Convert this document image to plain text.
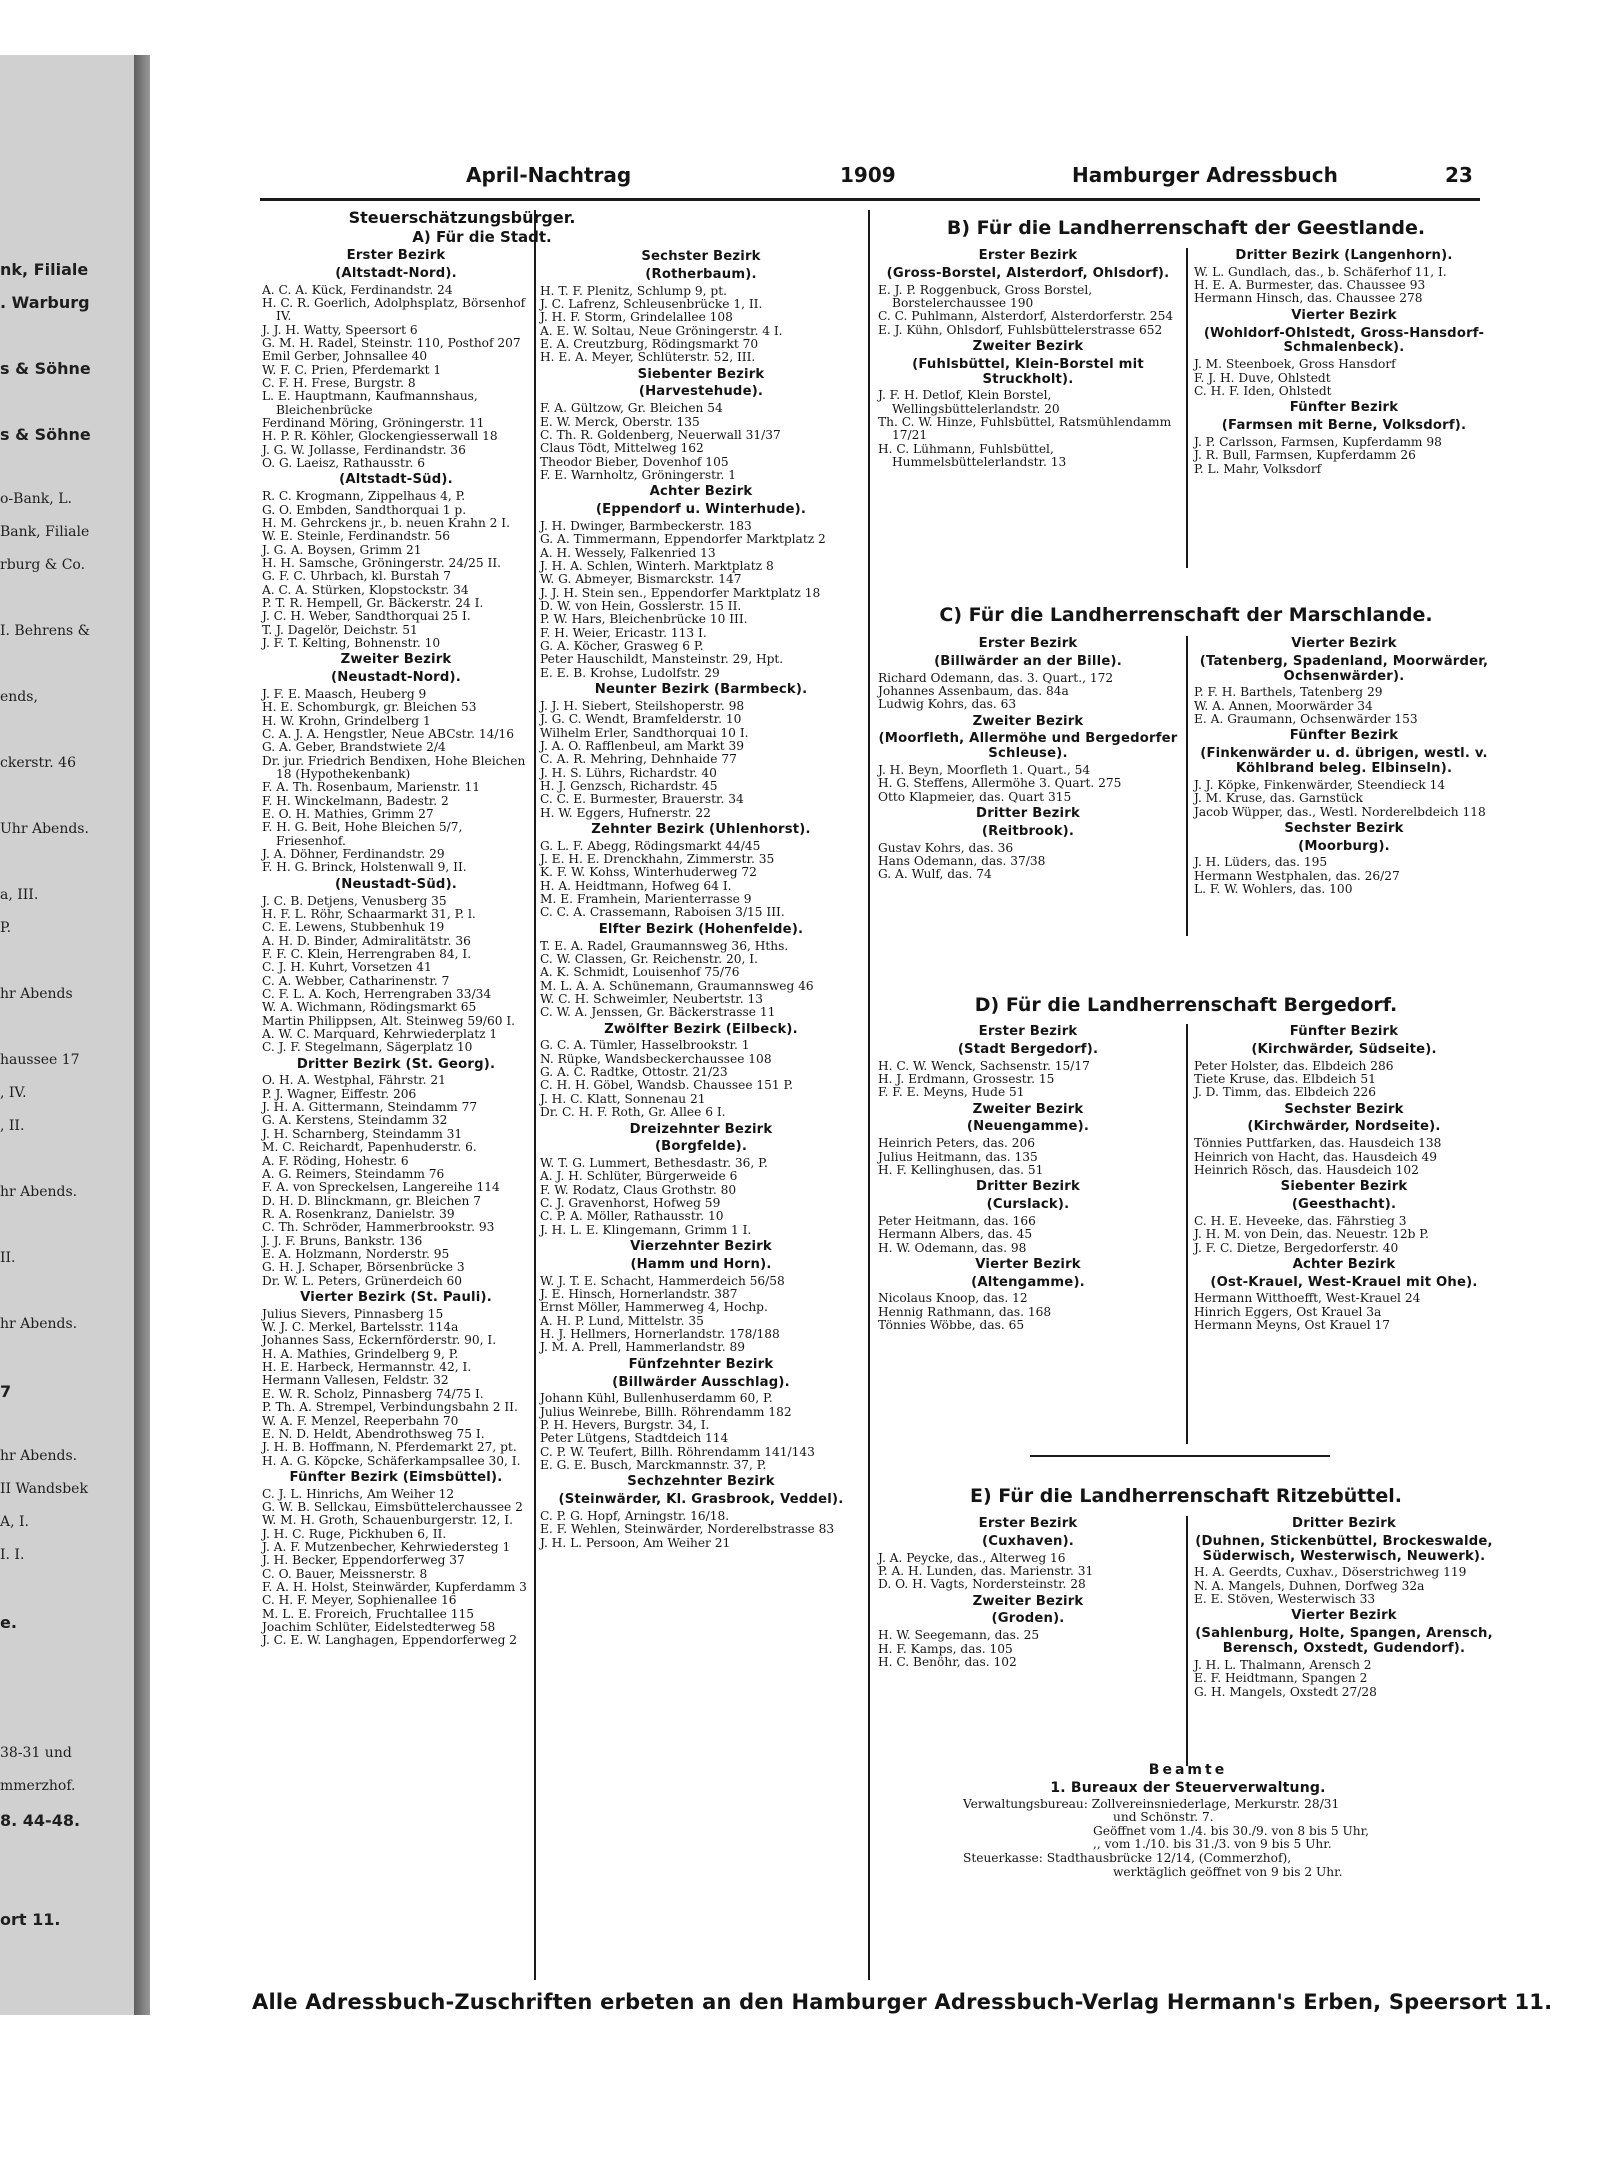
nk, Filiale
. Warburg
s & Söhne
s & Söhne
o-Bank, L.
Bank, Filiale
rburg & Co.
I. Behrens &
ends,
ckerstr. 46
Uhr Abends.
a, III.
P.
hr Abends
haussee 17
, IV.
, II.
hr Abends.
II.
hr Abends.
7
hr Abends.
II Wandsbek
A, I.
I. I.
e.
38-31 und
mmerzhof.
8. 44-48.
ort 11.
April-Nachtrag	1909	Hamburger Adressbuch	23
Steuerschätzungsbürger.
A) Für die Stadt.
Erster Bezirk
(Altstadt-Nord).

A. C. A. Kück, Ferdinandstr. 24

H. C. R. Goerlich, Adolphsplatz, Börsenhof IV.

J. J. H. Watty, Speersort 6

G. M. H. Radel, Steinstr. 110, Posthof 207

Emil Gerber, Johnsallee 40

W. F. C. Prien, Pferdemarkt 1

C. F. H. Frese, Burgstr. 8

L. E. Hauptmann, Kaufmannshaus, Bleichenbrücke

Ferdinand Möring, Gröningerstr. 11

H. P. R. Köhler, Glockengiesserwall 18

J. G. W. Jollasse, Ferdinandstr. 36

O. G. Laeisz, Rathausstr. 6

(Altstadt-Süd).

R. C. Krogmann, Zippelhaus 4, P.

G. O. Embden, Sandthorquai 1 p.

H. M. Gehrckens jr., b. neuen Krahn 2 I.

W. E. Steinle, Ferdinandstr. 56

J. G. A. Boysen, Grimm 21

H. H. Samsche, Gröningerstr. 24/25 II.

G. F. C. Uhrbach, kl. Burstah 7

A. C. A. Stürken, Klopstockstr. 34

P. T. R. Hempell, Gr. Bäckerstr. 24 I.

J. C. H. Weber, Sandthorquai 25 I.

T. J. Dagelör, Deichstr. 51

J. F. T. Kelting, Bohnenstr. 10

Zweiter Bezirk
(Neustadt-Nord).

J. F. E. Maasch, Heuberg 9

H. E. Schomburgk, gr. Bleichen 53

H. W. Krohn, Grindelberg 1

C. A. J. A. Hengstler, Neue ABCstr. 14/16

G. A. Geber, Brandstwiete 2/4

Dr. jur. Friedrich Bendixen, Hohe Bleichen 18 (Hypothekenbank)

F. A. Th. Rosenbaum, Marienstr. 11

F. H. Winckelmann, Badestr. 2

E. O. H. Mathies, Grimm 27

F. H. G. Beit, Hohe Bleichen 5/7, Friesenhof.

J. A. Döhner, Ferdinandstr. 29

F. H. G. Brinck, Holstenwall 9, II.

(Neustadt-Süd).

J. C. B. Detjens, Venusberg 35

H. F. L. Röhr, Schaarmarkt 31, P. l.

C. E. Lewens, Stubbenhuk 19

A. H. D. Binder, Admiralitätstr. 36

F. F. C. Klein, Herrengraben 84, I.

C. J. H. Kuhrt, Vorsetzen 41

C. A. Webber, Catharinenstr. 7

C. F. L. A. Koch, Herrengraben 33/34

W. A. Wichmann, Rödingsmarkt 65

Martin Philippsen, Alt. Steinweg 59/60 I.

A. W. C. Marquard, Kehrwiederplatz 1

C. J. F. Stegelmann, Sägerplatz 10

Dritter Bezirk (St. Georg).

O. H. A. Westphal, Fährstr. 21

P. J. Wagner, Eiffestr. 206

J. H. A. Gittermann, Steindamm 77

G. A. Kerstens, Steindamm 32

J. H. Scharnberg, Steindamm 31

M. C. Reichardt, Papenhuderstr. 6.

A. F. Röding, Hohestr. 6

A. G. Reimers, Steindamm 76

F. A. von Spreckelsen, Langereihe 114

D. H. D. Blinckmann, gr. Bleichen 7

R. A. Rosenkranz, Danielstr. 39

C. Th. Schröder, Hammerbrookstr. 93

J. J. F. Bruns, Bankstr. 136

E. A. Holzmann, Norderstr. 95

G. H. J. Schaper, Börsenbrücke 3

Dr. W. L. Peters, Grünerdeich 60

Vierter Bezirk (St. Pauli).

Julius Sievers, Pinnasberg 15

W. J. C. Merkel, Bartelsstr. 114a

Johannes Sass, Eckernförderstr. 90, I.

H. A. Mathies, Grindelberg 9, P.

H. E. Harbeck, Hermannstr. 42, I.

Hermann Vallesen, Feldstr. 32

E. W. R. Scholz, Pinnasberg 74/75 I.

P. Th. A. Strempel, Verbindungsbahn 2 II.

W. A. F. Menzel, Reeperbahn 70

E. N. D. Heldt, Abendrothsweg 75 I.

J. H. B. Hoffmann, N. Pferdemarkt 27, pt.

H. A. G. Köpcke, Schäferkampsallee 30, I.

Fünfter Bezirk (Eimsbüttel).

C. J. L. Hinrichs, Am Weiher 12

G. W. B. Sellckau, Eimsbüttelerchaussee 2

W. M. H. Groth, Schauenburgerstr. 12, I.

J. H. C. Ruge, Pickhuben 6, II.

J. A. F. Mutzenbecher, Kehrwiedersteg 1

J. H. Becker, Eppendorferweg 37

C. O. Bauer, Meissnerstr. 8

F. A. H. Holst, Steinwärder, Kupferdamm 3

C. H. F. Meyer, Sophienallee 16

M. L. E. Froreich, Fruchtallee 115

Joachim Schlüter, Eidelstedterweg 58

J. C. E. W. Langhagen, Eppendorferweg 2

Sechster Bezirk
(Rotherbaum).

H. T. F. Plenitz, Schlump 9, pt.

J. C. Lafrenz, Schleusenbrücke 1, II.

J. H. F. Storm, Grindelallee 108

A. E. W. Soltau, Neue Gröningerstr. 4 I.

E. A. Creutzburg, Rödingsmarkt 70

H. E. A. Meyer, Schlüterstr. 52, III.

Siebenter Bezirk
(Harvestehude).

F. A. Gültzow, Gr. Bleichen 54

E. W. Merck, Oberstr. 135

C. Th. R. Goldenberg, Neuerwall 31/37

Claus Tödt, Mittelweg 162

Theodor Bieber, Dovenhof 105

F. E. Warnholtz, Gröningerstr. 1

Achter Bezirk
(Eppendorf u. Winterhude).

J. H. Dwinger, Barmbeckerstr. 183

G. A. Timmermann, Eppendorfer Marktplatz 2

A. H. Wessely, Falkenried 13

J. H. A. Schlen, Winterh. Marktplatz 8

W. G. Abmeyer, Bismarckstr. 147

J. J. H. Stein sen., Eppendorfer Marktplatz 18

D. W. von Hein, Gosslerstr. 15 II.

P. W. Hars, Bleichenbrücke 10 III.

F. H. Weier, Ericastr. 113 I.

G. A. Köcher, Grasweg 6 P.

Peter Hauschildt, Mansteinstr. 29, Hpt.

E. E. B. Krohse, Ludolfstr. 29

Neunter Bezirk (Barmbeck).

J. J. H. Siebert, Steilshoperstr. 98

J. G. C. Wendt, Bramfelderstr. 10

Wilhelm Erler, Sandthorquai 10 I.

J. A. O. Rafflenbeul, am Markt 39

C. A. R. Mehring, Dehnhaide 77

J. H. S. Lührs, Richardstr. 40

H. J. Genzsch, Richardstr. 45

C. C. E. Burmester, Brauerstr. 34

H. W. Eggers, Hufnerstr. 22

Zehnter Bezirk (Uhlenhorst).

G. L. F. Abegg, Rödingsmarkt 44/45

J. E. H. E. Drenckhahn, Zimmerstr. 35

K. F. W. Kohss, Winterhuderweg 72

H. A. Heidtmann, Hofweg 64 I.

M. E. Framhein, Marienterrasse 9

C. C. A. Crassemann, Raboisen 3/15 III.

Elfter Bezirk (Hohenfelde).

T. E. A. Radel, Graumannsweg 36, Hths.

C. W. Classen, Gr. Reichenstr. 20, I.

A. K. Schmidt, Louisenhof 75/76

M. L. A. A. Schünemann, Graumannsweg 46

W. C. H. Schweimler, Neubertstr. 13

C. W. A. Jenssen, Gr. Bäckerstrasse 11

Zwölfter Bezirk (Eilbeck).

G. C. A. Tümler, Hasselbrookstr. 1

N. Rüpke, Wandsbeckerchaussee 108

G. A. C. Radtke, Ottostr. 21/23

C. H. H. Göbel, Wandsb. Chaussee 151 P.

J. H. C. Klatt, Sonnenau 21

Dr. C. H. F. Roth, Gr. Allee 6 I.

Dreizehnter Bezirk
(Borgfelde).

W. T. G. Lummert, Bethesdastr. 36, P.

A. J. H. Schlüter, Bürgerweide 6

F. W. Rodatz, Claus Grothstr. 80

C. J. Gravenhorst, Hofweg 59

C. P. A. Möller, Rathausstr. 10

J. H. L. E. Klingemann, Grimm 1 I.

Vierzehnter Bezirk
(Hamm und Horn).

W. J. T. E. Schacht, Hammerdeich 56/58

J. E. Hinsch, Hornerlandstr. 387

Ernst Möller, Hammerweg 4, Hochp.

A. H. P. Lund, Mittelstr. 35

H. J. Hellmers, Hornerlandstr. 178/188

J. M. A. Prell, Hammerlandstr. 89

Fünfzehnter Bezirk
(Billwärder Ausschlag).

Johann Kühl, Bullenhuserdamm 60, P.

Julius Weinrebe, Billh. Röhrendamm 182

P. H. Hevers, Burgstr. 34, I.

Peter Lütgens, Stadtdeich 114

C. P. W. Teufert, Billh. Röhrendamm 141/143

E. G. E. Busch, Marckmannstr. 37, P.

Sechzehnter Bezirk
(Steinwärder, Kl. Grasbrook, Veddel).

C. P. G. Hopf, Arningstr. 16/18.

E. F. Wehlen, Steinwärder, Norderelbstrasse 83

J. H. L. Persoon, Am Weiher 21

B) Für die Landherrenschaft der Geestlande.
Erster Bezirk
(Gross-Borstel, Alsterdorf, Ohlsdorf).

E. J. P. Roggenbuck, Gross Borstel, Borstelerchaussee 190

C. C. Puhlmann, Alsterdorf, Alsterdorferstr. 254

E. J. Kühn, Ohlsdorf, Fuhlsbüttelerstrasse 652

Zweiter Bezirk
(Fuhlsbüttel, Klein-Borstel mit Struckholt).

J. F. H. Detlof, Klein Borstel, Wellingsbüttelerlandstr. 20

Th. C. W. Hinze, Fuhlsbüttel, Ratsmühlendamm 17/21

H. C. Lühmann, Fuhlsbüttel, Hummelsbüttelerlandstr. 13

Dritter Bezirk (Langenhorn).

W. L. Gundlach, das., b. Schäferhof 11, I.

H. E. A. Burmester, das. Chaussee 93

Hermann Hinsch, das. Chaussee 278

Vierter Bezirk
(Wohldorf-Ohlstedt, Gross-Hansdorf-Schmalenbeck).

J. M. Steenboek, Gross Hansdorf

F. J. H. Duve, Ohlstedt

C. H. F. Iden, Ohlstedt

Fünfter Bezirk
(Farmsen mit Berne, Volksdorf).

J. P. Carlsson, Farmsen, Kupferdamm 98

J. R. Bull, Farmsen, Kupferdamm 26

P. L. Mahr, Volksdorf

C) Für die Landherrenschaft der Marschlande.
Erster Bezirk
(Billwärder an der Bille).

Richard Odemann, das. 3. Quart., 172

Johannes Assenbaum, das. 84a

Ludwig Kohrs, das. 63

Zweiter Bezirk
(Moorfleth, Allermöhe und Bergedorfer Schleuse).

J. H. Beyn, Moorfleth 1. Quart., 54

H. G. Steffens, Allermöhe 3. Quart. 275

Otto Klapmeier, das. Quart 315

Dritter Bezirk
(Reitbrook).

Gustav Kohrs, das. 36

Hans Odemann, das. 37/38

G. A. Wulf, das. 74

Vierter Bezirk
(Tatenberg, Spadenland, Moorwärder, Ochsenwärder).

P. F. H. Barthels, Tatenberg 29

W. A. Annen, Moorwärder 34

E. A. Graumann, Ochsenwärder 153

Fünfter Bezirk
(Finkenwärder u. d. übrigen, westl. v. Köhlbrand beleg. Elbinseln).

J. J. Köpke, Finkenwärder, Steendieck 14

J. M. Kruse, das. Garnstück

Jacob Wüpper, das., Westl. Norderelbdeich 118

Sechster Bezirk
(Moorburg).

J. H. Lüders, das. 195

Hermann Westphalen, das. 26/27

L. F. W. Wohlers, das. 100

D) Für die Landherrenschaft Bergedorf.
Erster Bezirk
(Stadt Bergedorf).

H. C. W. Wenck, Sachsenstr. 15/17

H. J. Erdmann, Grossestr. 15

F. F. E. Meyns, Hude 51

Zweiter Bezirk
(Neuengamme).

Heinrich Peters, das. 206

Julius Heitmann, das. 135

H. F. Kellinghusen, das. 51

Dritter Bezirk
(Curslack).

Peter Heitmann, das. 166

Hermann Albers, das. 45

H. W. Odemann, das. 98

Vierter Bezirk
(Altengamme).

Nicolaus Knoop, das. 12

Hennig Rathmann, das. 168

Tönnies Wöbbe, das. 65

Fünfter Bezirk
(Kirchwärder, Südseite).

Peter Holster, das. Elbdeich 286

Tiete Kruse, das. Elbdeich 51

J. D. Timm, das. Elbdeich 226

Sechster Bezirk
(Kirchwärder, Nordseite).

Tönnies Puttfarken, das. Hausdeich 138

Heinrich von Hacht, das. Hausdeich 49

Heinrich Rösch, das. Hausdeich 102

Siebenter Bezirk
(Geesthacht).

C. H. E. Heveeke, das. Fährstieg 3

J. H. M. von Dein, das. Neuestr. 12b P.

J. F. C. Dietze, Bergedorferstr. 40

Achter Bezirk
(Ost-Krauel, West-Krauel mit Ohe).

Hermann Witthoefft, West-Krauel 24

Hinrich Eggers, Ost Krauel 3a

Hermann Meyns, Ost Krauel 17

E) Für die Landherrenschaft Ritzebüttel.
Erster Bezirk
(Cuxhaven).

J. A. Peycke, das., Alterweg 16

P. A. H. Lunden, das. Marienstr. 31

D. O. H. Vagts, Nordersteinstr. 28

Zweiter Bezirk
(Groden).

H. W. Seegemann, das. 25

H. F. Kamps, das. 105

H. C. Benöhr, das. 102

Dritter Bezirk
(Duhnen, Stickenbüttel, Brockeswalde, Süderwisch, Westerwisch, Neuwerk).

H. A. Geerdts, Cuxhav., Döserstrichweg 119

N. A. Mangels, Duhnen, Dorfweg 32a

E. E. Stöven, Westerwisch 33

Vierter Bezirk
(Sahlenburg, Holte, Spangen, Arensch, Berensch, Oxstedt, Gudendorf).

J. H. L. Thalmann, Arensch 2

E. F. Heidtmann, Spangen 2

G. H. Mangels, Oxstedt 27/28

Beamte
1. Bureaux der Steuerverwaltung.

Verwaltungsbureau: Zollvereinsniederlage, Merkurstr. 28/31

und Schönstr. 7.

Geöffnet vom 1./4. bis 30./9. von 8 bis 5 Uhr,

,, vom 1./10. bis 31./3. von 9 bis 5 Uhr.

Steuerkasse: Stadthausbrücke 12/14, (Commerzhof),

werktäglich geöffnet von 9 bis 2 Uhr.

Alle Adressbuch-Zuschriften erbeten an den Hamburger Adressbuch-Verlag Hermann's Erben, Speersort 11.
